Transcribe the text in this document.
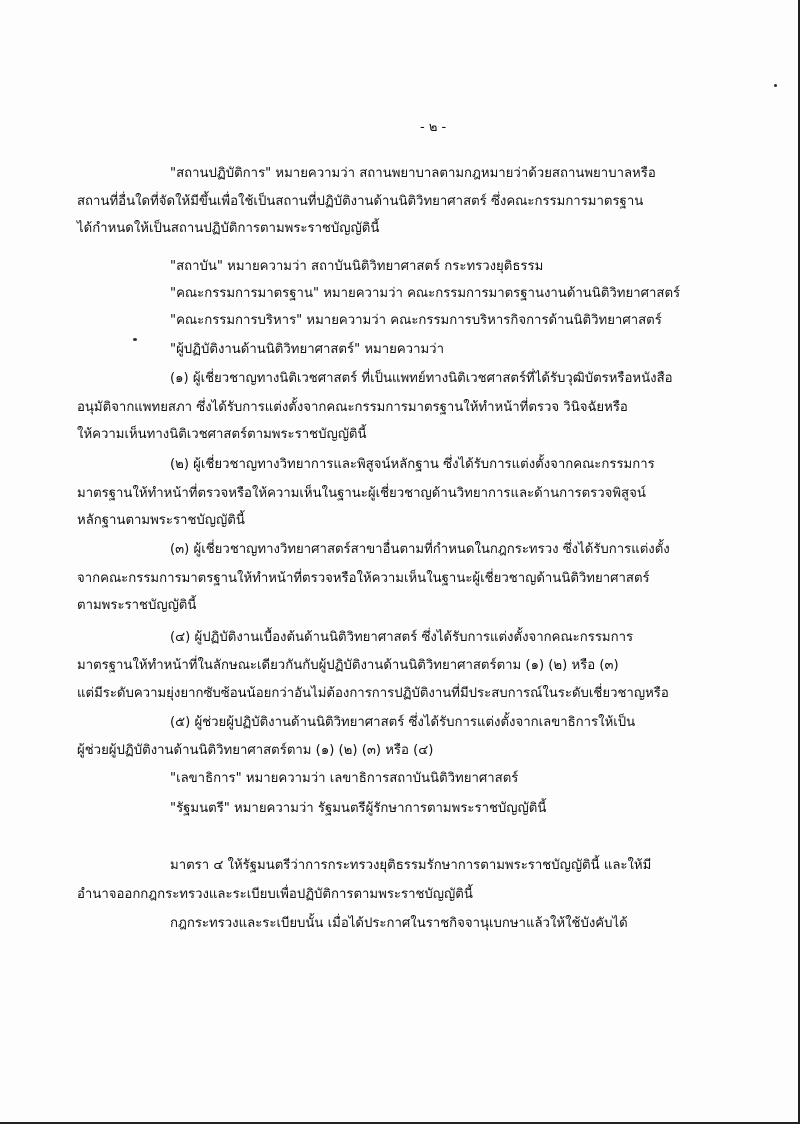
- ๒ -
"สถานปฏิบัติการ" หมายความว่า สถานพยาบาลตามกฎหมายว่าด้วยสถานพยาบาลหรือ
สถานที่อื่นใดที่จัดให้มีขึ้นเพื่อใช้เป็นสถานที่ปฏิบัติงานด้านนิติวิทยาศาสตร์ ซึ่งคณะกรรมการมาตรฐาน
ได้กำหนดให้เป็นสถานปฏิบัติการตามพระราชบัญญัตินี้
"สถาบัน" หมายความว่า สถาบันนิติวิทยาศาสตร์ กระทรวงยุติธรรม
"คณะกรรมการมาตรฐาน" หมายความว่า คณะกรรมการมาตรฐานงานด้านนิติวิทยาศาสตร์
"คณะกรรมการบริหาร" หมายความว่า คณะกรรมการบริหารกิจการด้านนิติวิทยาศาสตร์
"ผู้ปฏิบัติงานด้านนิติวิทยาศาสตร์" หมายความว่า
(๑) ผู้เชี่ยวชาญทางนิติเวชศาสตร์ ที่เป็นแพทย์ทางนิติเวชศาสตร์ที่ได้รับวุฒิบัตรหรือหนังสือ
อนุมัติจากแพทยสภา ซึ่งได้รับการแต่งตั้งจากคณะกรรมการมาตรฐานให้ทำหน้าที่ตรวจ วินิจฉัยหรือ
ให้ความเห็นทางนิติเวชศาสตร์ตามพระราชบัญญัตินี้
(๒) ผู้เชี่ยวชาญทางวิทยาการและพิสูจน์หลักฐาน ซึ่งได้รับการแต่งตั้งจากคณะกรรมการ
มาตรฐานให้ทำหน้าที่ตรวจหรือให้ความเห็นในฐานะผู้เชี่ยวชาญด้านวิทยาการและด้านการตรวจพิสูจน์
หลักฐานตามพระราชบัญญัตินี้
(๓) ผู้เชี่ยวชาญทางวิทยาศาสตร์สาขาอื่นตามที่กำหนดในกฎกระทรวง ซึ่งได้รับการแต่งตั้ง
จากคณะกรรมการมาตรฐานให้ทำหน้าที่ตรวจหรือให้ความเห็นในฐานะผู้เชี่ยวชาญด้านนิติวิทยาศาสตร์
ตามพระราชบัญญัตินี้
(๔) ผู้ปฏิบัติงานเบื้องต้นด้านนิติวิทยาศาสตร์ ซึ่งได้รับการแต่งตั้งจากคณะกรรมการ
มาตรฐานให้ทำหน้าที่ในลักษณะเดียวกันกับผู้ปฏิบัติงานด้านนิติวิทยาศาสตร์ตาม (๑) (๒) หรือ (๓)
แต่มีระดับความยุ่งยากซับซ้อนน้อยกว่าอันไม่ต้องการการปฏิบัติงานที่มีประสบการณ์ในระดับเชี่ยวชาญหรือ
(๕) ผู้ช่วยผู้ปฏิบัติงานด้านนิติวิทยาศาสตร์ ซึ่งได้รับการแต่งตั้งจากเลขาธิการให้เป็น
ผู้ช่วยผู้ปฏิบัติงานด้านนิติวิทยาศาสตร์ตาม (๑) (๒) (๓) หรือ (๔)
"เลขาธิการ" หมายความว่า เลขาธิการสถาบันนิติวิทยาศาสตร์
"รัฐมนตรี" หมายความว่า รัฐมนตรีผู้รักษาการตามพระราชบัญญัตินี้
มาตรา ๔ ให้รัฐมนตรีว่าการกระทรวงยุติธรรมรักษาการตามพระราชบัญญัตินี้ และให้มี
อำนาจออกกฎกระทรวงและระเบียบเพื่อปฏิบัติการตามพระราชบัญญัตินี้
กฎกระทรวงและระเบียบนั้น เมื่อได้ประกาศในราชกิจจานุเบกษาแล้วให้ใช้บังคับได้
